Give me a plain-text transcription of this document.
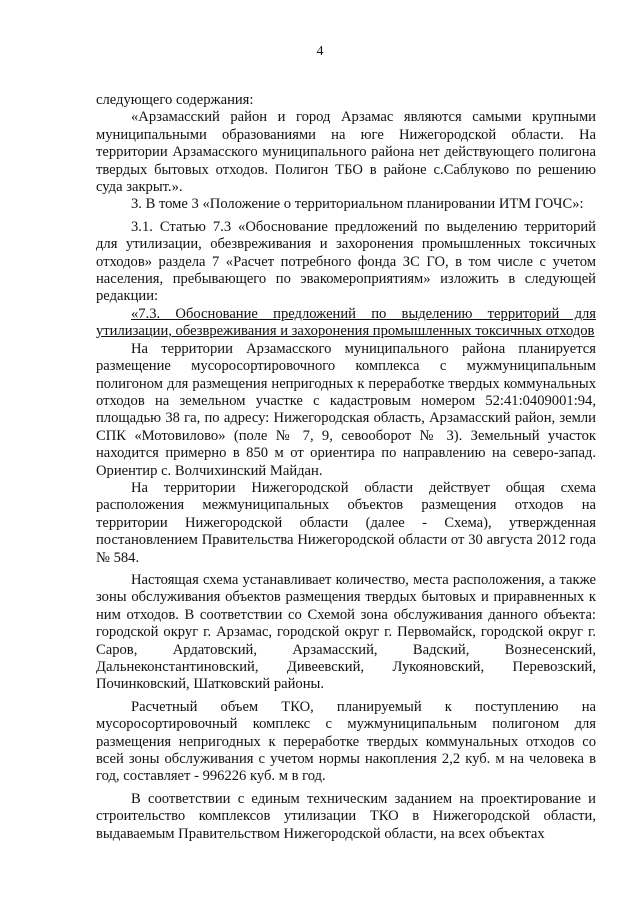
4

следующего содержания:

«Арзамасский район и город Арзамас являются самыми крупными муниципальными образованиями на юге Нижегородской области. На территории Арзамасского муниципального района нет действующего полигона твердых бытовых отходов. Полигон ТБО в районе с.Саблуково по решению суда закрыт.».

3. В томе 3 «Положение о территориальном планировании ИТМ ГОЧС»:

3.1. Статью 7.3 «Обоснование предложений по выделению территорий для утилизации, обезвреживания и захоронения промышленных токсичных отходов» раздела 7 «Расчет потребного фонда ЗС ГО, в том числе с учетом населения, пребывающего по эвакомероприятиям» изложить в следующей редакции:

«7.3. Обоснование предложений по выделению территорий для утилизации, обезвреживания и захоронения промышленных токсичных отходов

На территории Арзамасского муниципального района планируется размещение мусоросортировочного комплекса с мужмуниципальным полигоном для размещения непригодных к переработке твердых коммунальных отходов на земельном участке с кадастровым номером 52:41:0409001:94, площадью 38 га, по адресу: Нижегородская область, Арзамасский район, земли СПК «Мотовилово» (поле № 7, 9, севооборот № 3). Земельный участок находится примерно в 850 м от ориентира по направлению на северо-запад. Ориентир с. Волчихинский Майдан.

На территории Нижегородской области действует общая схема расположения межмуниципальных объектов размещения отходов на территории Нижегородской области (далее - Схема), утвержденная постановлением Правительства Нижегородской области от 30 августа 2012 года № 584.

Настоящая схема устанавливает количество, места расположения, а также зоны обслуживания объектов размещения твердых бытовых и приравненных к ним отходов. В соответствии со Схемой зона обслуживания данного объекта: городской округ г. Арзамас, городской округ г. Первомайск, городской округ г. Саров, Ардатовский, Арзамасский, Вадский, Вознесенский, Дальнеконстантиновский, Дивеевский, Лукояновский, Перевозский, Починковский, Шатковский районы.

Расчетный объем ТКО, планируемый к поступлению на мусоросортировочный комплекс с мужмуниципальным полигоном для размещения непригодных к переработке твердых коммунальных отходов со всей зоны обслуживания с учетом нормы накопления 2,2 куб. м на человека в год, составляет - 996226 куб. м в год.

В соответствии с единым техническим заданием на проектирование и строительство комплексов утилизации ТКО в Нижегородской области, выдаваемым Правительством Нижегородской области, на всех объектах
